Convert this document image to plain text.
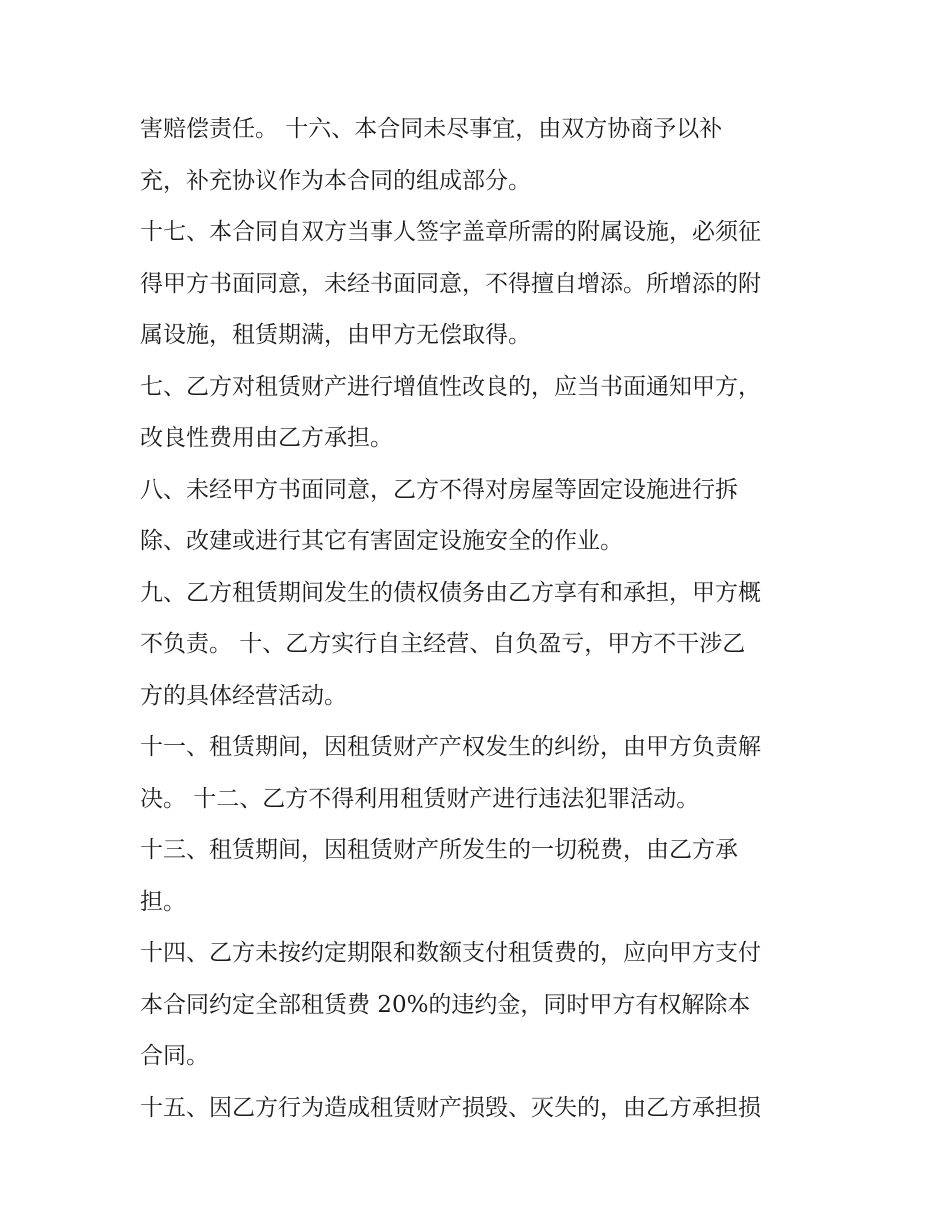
害赔偿责任。 十六、本合同未尽事宜，由双方协商予以补
充，补充协议作为本合同的组成部分。
十七、本合同自双方当事人签字盖章所需的附属设施，必须征
得甲方书面同意，未经书面同意，不得擅自增添。所增添的附
属设施，租赁期满，由甲方无偿取得。
七、乙方对租赁财产进行增值性改良的，应当书面通知甲方，
改良性费用由乙方承担。
八、未经甲方书面同意，乙方不得对房屋等固定设施进行拆
除、改建或进行其它有害固定设施安全的作业。
九、乙方租赁期间发生的债权债务由乙方享有和承担，甲方概
不负责。 十、乙方实行自主经营、自负盈亏，甲方不干涉乙
方的具体经营活动。
十一、租赁期间，因租赁财产产权发生的纠纷，由甲方负责解
决。 十二、乙方不得利用租赁财产进行违法犯罪活动。
十三、租赁期间，因租赁财产所发生的一切税费，由乙方承
担。
十四、乙方未按约定期限和数额支付租赁费的，应向甲方支付
本合同约定全部租赁费 20%的违约金，同时甲方有权解除本
合同。
十五、因乙方行为造成租赁财产损毁、灭失的，由乙方承担损
